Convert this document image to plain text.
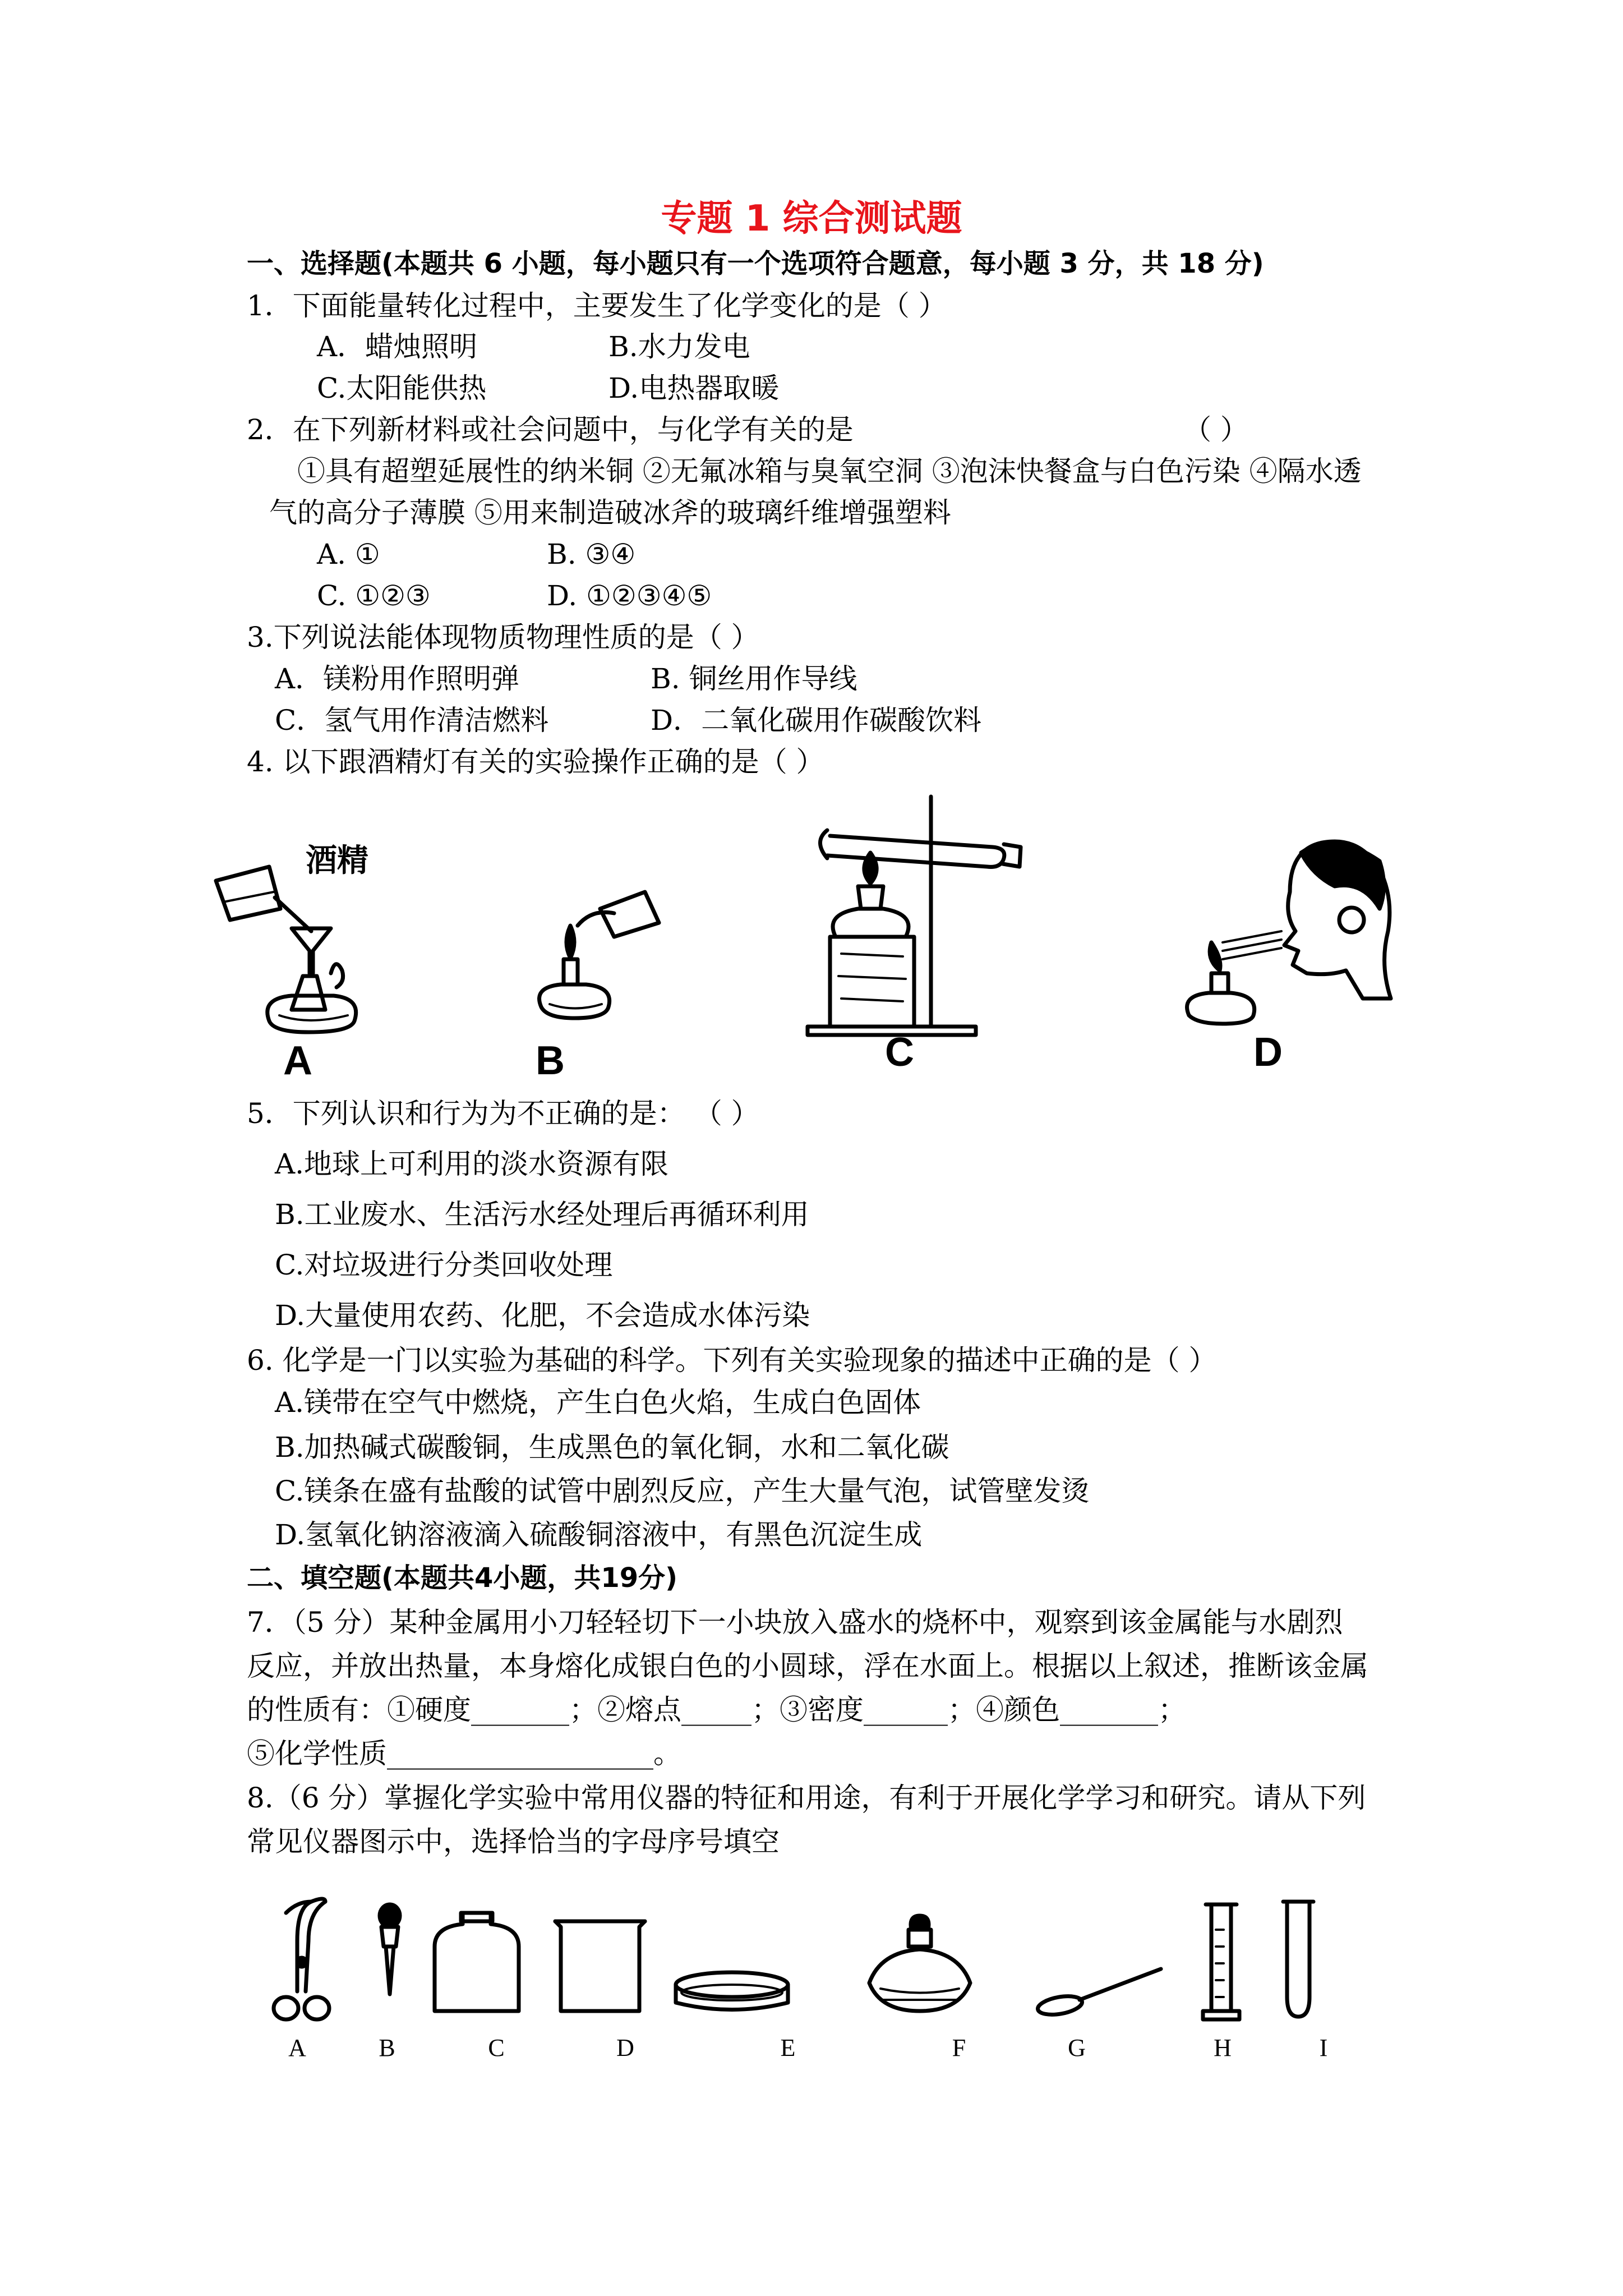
专题 1 综合测试题
一、选择题(本题共 6 小题，每小题只有一个选项符合题意，每小题 3 分，共 18 分)
1．下面能量转化过程中，主要发生了化学变化的是（ ）
A．蜡烛照明	B.水力发电
C.太阳能供热	D.电热器取暖
2．在下列新材料或社会问题中，与化学有关的是	（ ）
①具有超塑延展性的纳米铜 ②无氟冰箱与臭氧空洞 ③泡沫快餐盒与白色污染 ④隔水透
气的高分子薄膜 ⑤用来制造破冰斧的玻璃纤维增强塑料
A. ①	B. ③④
C. ①②③	D. ①②③④⑤
3.下列说法能体现物质物理性质的是（ ）
A．镁粉用作照明弹	B. 铜丝用作导线
C．氢气用作清洁燃料	D．二氧化碳用作碳酸饮料
4. 以下跟酒精灯有关的实验操作正确的是（ ）
酒精
A	B	C	D
5．下列认识和行为为不正确的是： （ ）
A.地球上可利用的淡水资源有限
B.工业废水、生活污水经处理后再循环利用
C.对垃圾进行分类回收处理
D.大量使用农药、化肥，不会造成水体污染
6. 化学是一门以实验为基础的科学。下列有关实验现象的描述中正确的是（ ）
A.镁带在空气中燃烧，产生白色火焰，生成白色固体
B.加热碱式碳酸铜，生成黑色的氧化铜，水和二氧化碳
C.镁条在盛有盐酸的试管中剧烈反应，产生大量气泡，试管壁发烫
D.氢氧化钠溶液滴入硫酸铜溶液中，有黑色沉淀生成
二、填空题(本题共4小题，共19分)
7．（5 分）某种金属用小刀轻轻切下一小块放入盛水的烧杯中，观察到该金属能与水剧烈
反应，并放出热量，本身熔化成银白色的小圆球，浮在水面上。根据以上叙述，推断该金属
的性质有：①硬度_______；②熔点_____；③密度______；④颜色_______；
⑤化学性质___________________。
8.（6 分）掌握化学实验中常用仪器的特征和用途，有利于开展化学学习和研究。请从下列
常见仪器图示中，选择恰当的字母序号填空
A	B	C	D	E	F	G	H	I
